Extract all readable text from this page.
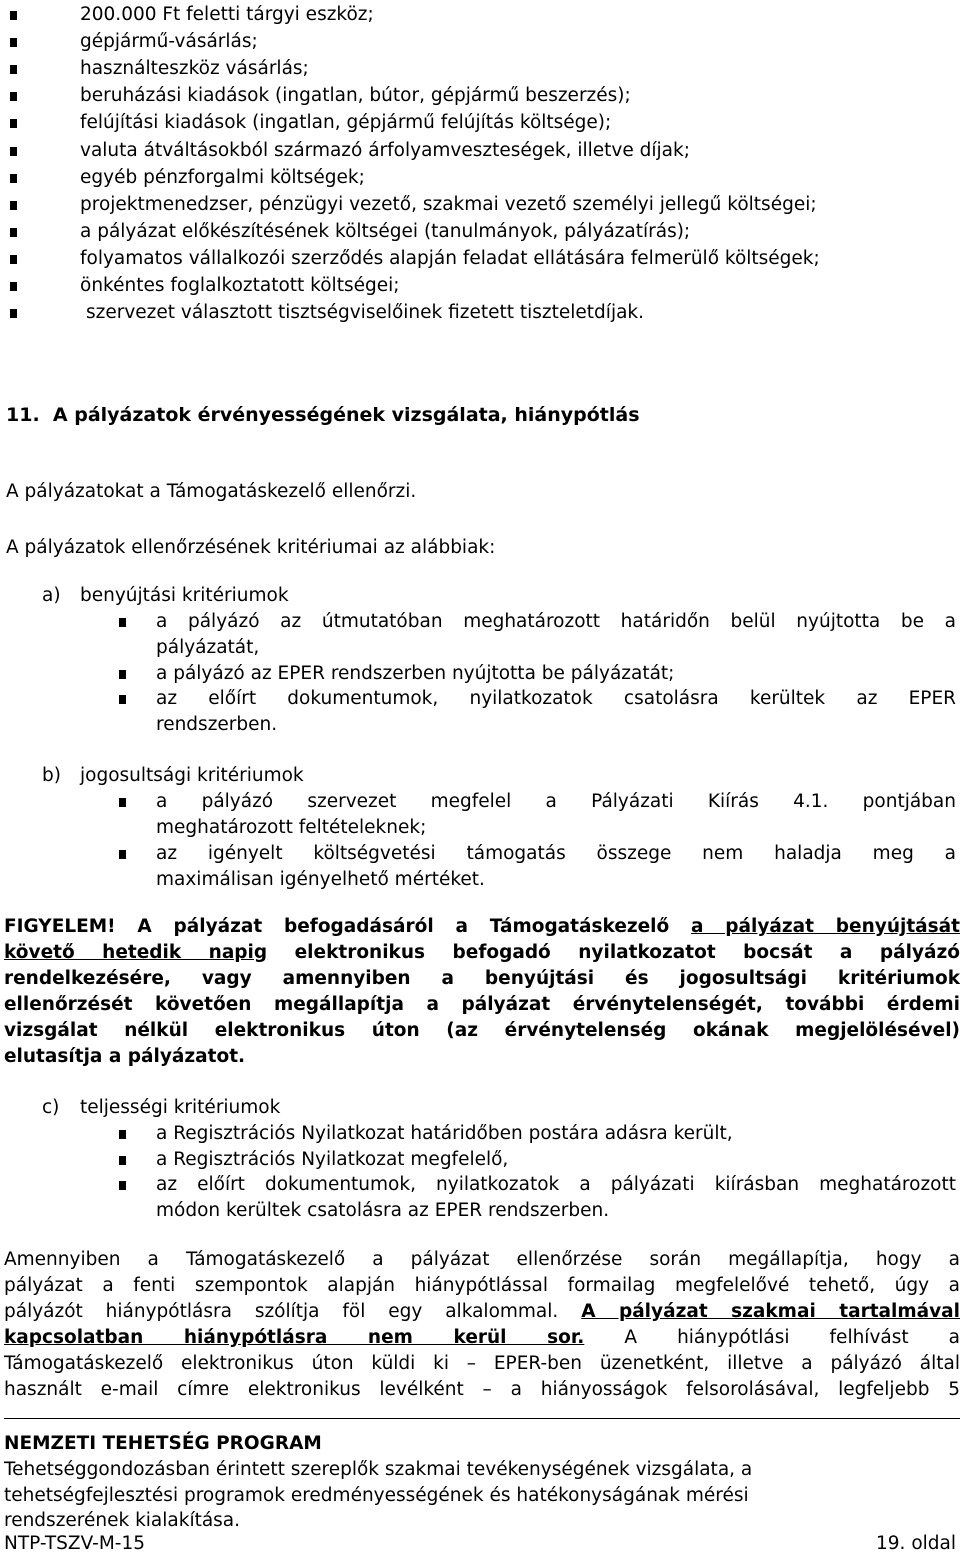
200.000 Ft feletti tárgyi eszköz;
gépjármű-vásárlás;
használteszköz vásárlás;
beruházási kiadások (ingatlan, bútor, gépjármű beszerzés);
felújítási kiadások (ingatlan, gépjármű felújítás költsége);
valuta átváltásokból származó árfolyamveszteségek, illetve díjak;
egyéb pénzforgalmi költségek;
projektmenedzser, pénzügyi vezető, szakmai vezető személyi jellegű költségei;
a pályázat előkészítésének költségei (tanulmányok, pályázatírás);
folyamatos vállalkozói szerződés alapján feladat ellátására felmerülő költségek;
önkéntes foglalkoztatott költségei;
szervezet választott tisztségviselőinek fizetett tiszteletdíjak.
11. A pályázatok érvényességének vizsgálata, hiánypótlás
A pályázatokat a Támogatáskezelő ellenőrzi.
A pályázatok ellenőrzésének kritériumai az alábbiak:
a) benyújtási kritériumok
a pályázó az útmutatóban meghatározott határidőn belül nyújtotta be a
pályázatát,
a pályázó az EPER rendszerben nyújtotta be pályázatát;
az előírt dokumentumok, nyilatkozatok csatolásra kerültek az EPER
rendszerben.
b) jogosultsági kritériumok
a pályázó szervezet megfelel a Pályázati Kiírás 4.1. pontjában
meghatározott feltételeknek;
az igényelt költségvetési támogatás összege nem haladja meg a
maximálisan igényelhető mértéket.
FIGYELEM! A pályázat befogadásáról a Támogatáskezelő a pályázat benyújtását
követő hetedik napig elektronikus befogadó nyilatkozatot bocsát a pályázó
rendelkezésére, vagy amennyiben a benyújtási és jogosultsági kritériumok
ellenőrzését követően megállapítja a pályázat érvénytelenségét, további érdemi
vizsgálat nélkül elektronikus úton (az érvénytelenség okának megjelölésével)
elutasítja a pályázatot.
c) teljességi kritériumok
a Regisztrációs Nyilatkozat határidőben postára adásra került,
a Regisztrációs Nyilatkozat megfelelő,
az előírt dokumentumok, nyilatkozatok a pályázati kiírásban meghatározott
módon kerültek csatolásra az EPER rendszerben.
Amennyiben a Támogatáskezelő a pályázat ellenőrzése során megállapítja, hogy a
pályázat a fenti szempontok alapján hiánypótlással formailag megfelelővé tehető, úgy a
pályázót hiánypótlásra szólítja föl egy alkalommal. A pályázat szakmai tartalmával
kapcsolatban hiánypótlásra nem kerül sor. A hiánypótlási felhívást a
Támogatáskezelő elektronikus úton küldi ki – EPER-ben üzenetként, illetve a pályázó által
használt e-mail címre elektronikus levélként – a hiányosságok felsorolásával, legfeljebb 5
NEMZETI TEHETSÉG PROGRAM
Tehetséggondozásban érintett szereplők szakmai tevékenységének vizsgálata, a
tehetségfejlesztési programok eredményességének és hatékonyságának mérési
rendszerének kialakítása.
NTP-TSZV-M-15	19. oldal
